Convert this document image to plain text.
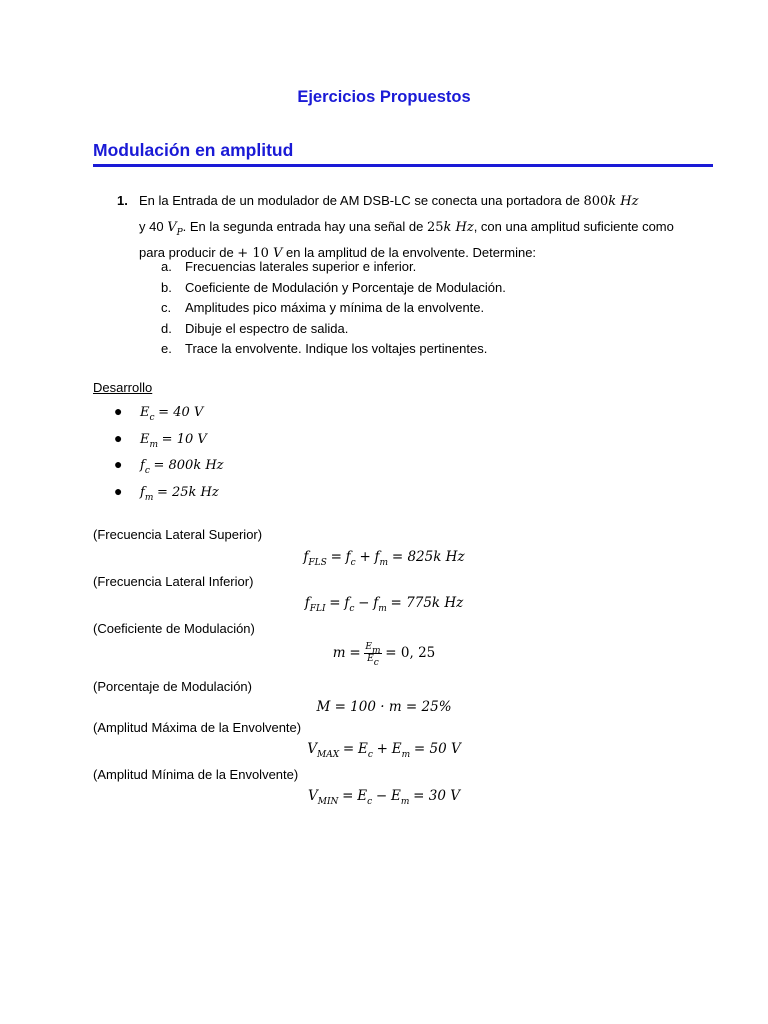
Ejercicios Propuestos
Modulación en amplitud
1. En la Entrada de un modulador de AM DSB-LC se conecta una portadora de 800k Hz
y 40 $V_P$. En la segunda entrada hay una señal de 25k Hz, con una amplitud suficiente como para producir de + 10 V en la amplitud de la envolvente. Determine:
a. Frecuencias laterales superior e inferior.
b. Coeficiente de Modulación y Porcentaje de Modulación.
c. Amplitudes pico máxima y mínima de la envolvente.
d. Dibuje el espectro de salida.
e. Trace la envolvente. Indique los voltajes pertinentes.
Desarrollo
● $E_c = 40$ V
● $E_m = 10$ V
● $f_c = 800k$ Hz
● $f_m = 25k$ Hz
(Frecuencia Lateral Superior)
$f_{FLS} = f_c + f_m = 825k$ Hz
(Frecuencia Lateral Inferior)
$f_{FLI} = f_c - f_m = 775k$ Hz
(Coeficiente de Modulación)
$m = \frac{E_m}{E_c} = 0$, 25
(Porcentaje de Modulación)
M = 100 · m = 25%
(Amplitud Máxima de la Envolvente)
$V_{MAX} = E_c + E_m = 50$ V
(Amplitud Mínima de la Envolvente)
$V_{MIN} = E_c - E_m = 30$ V
